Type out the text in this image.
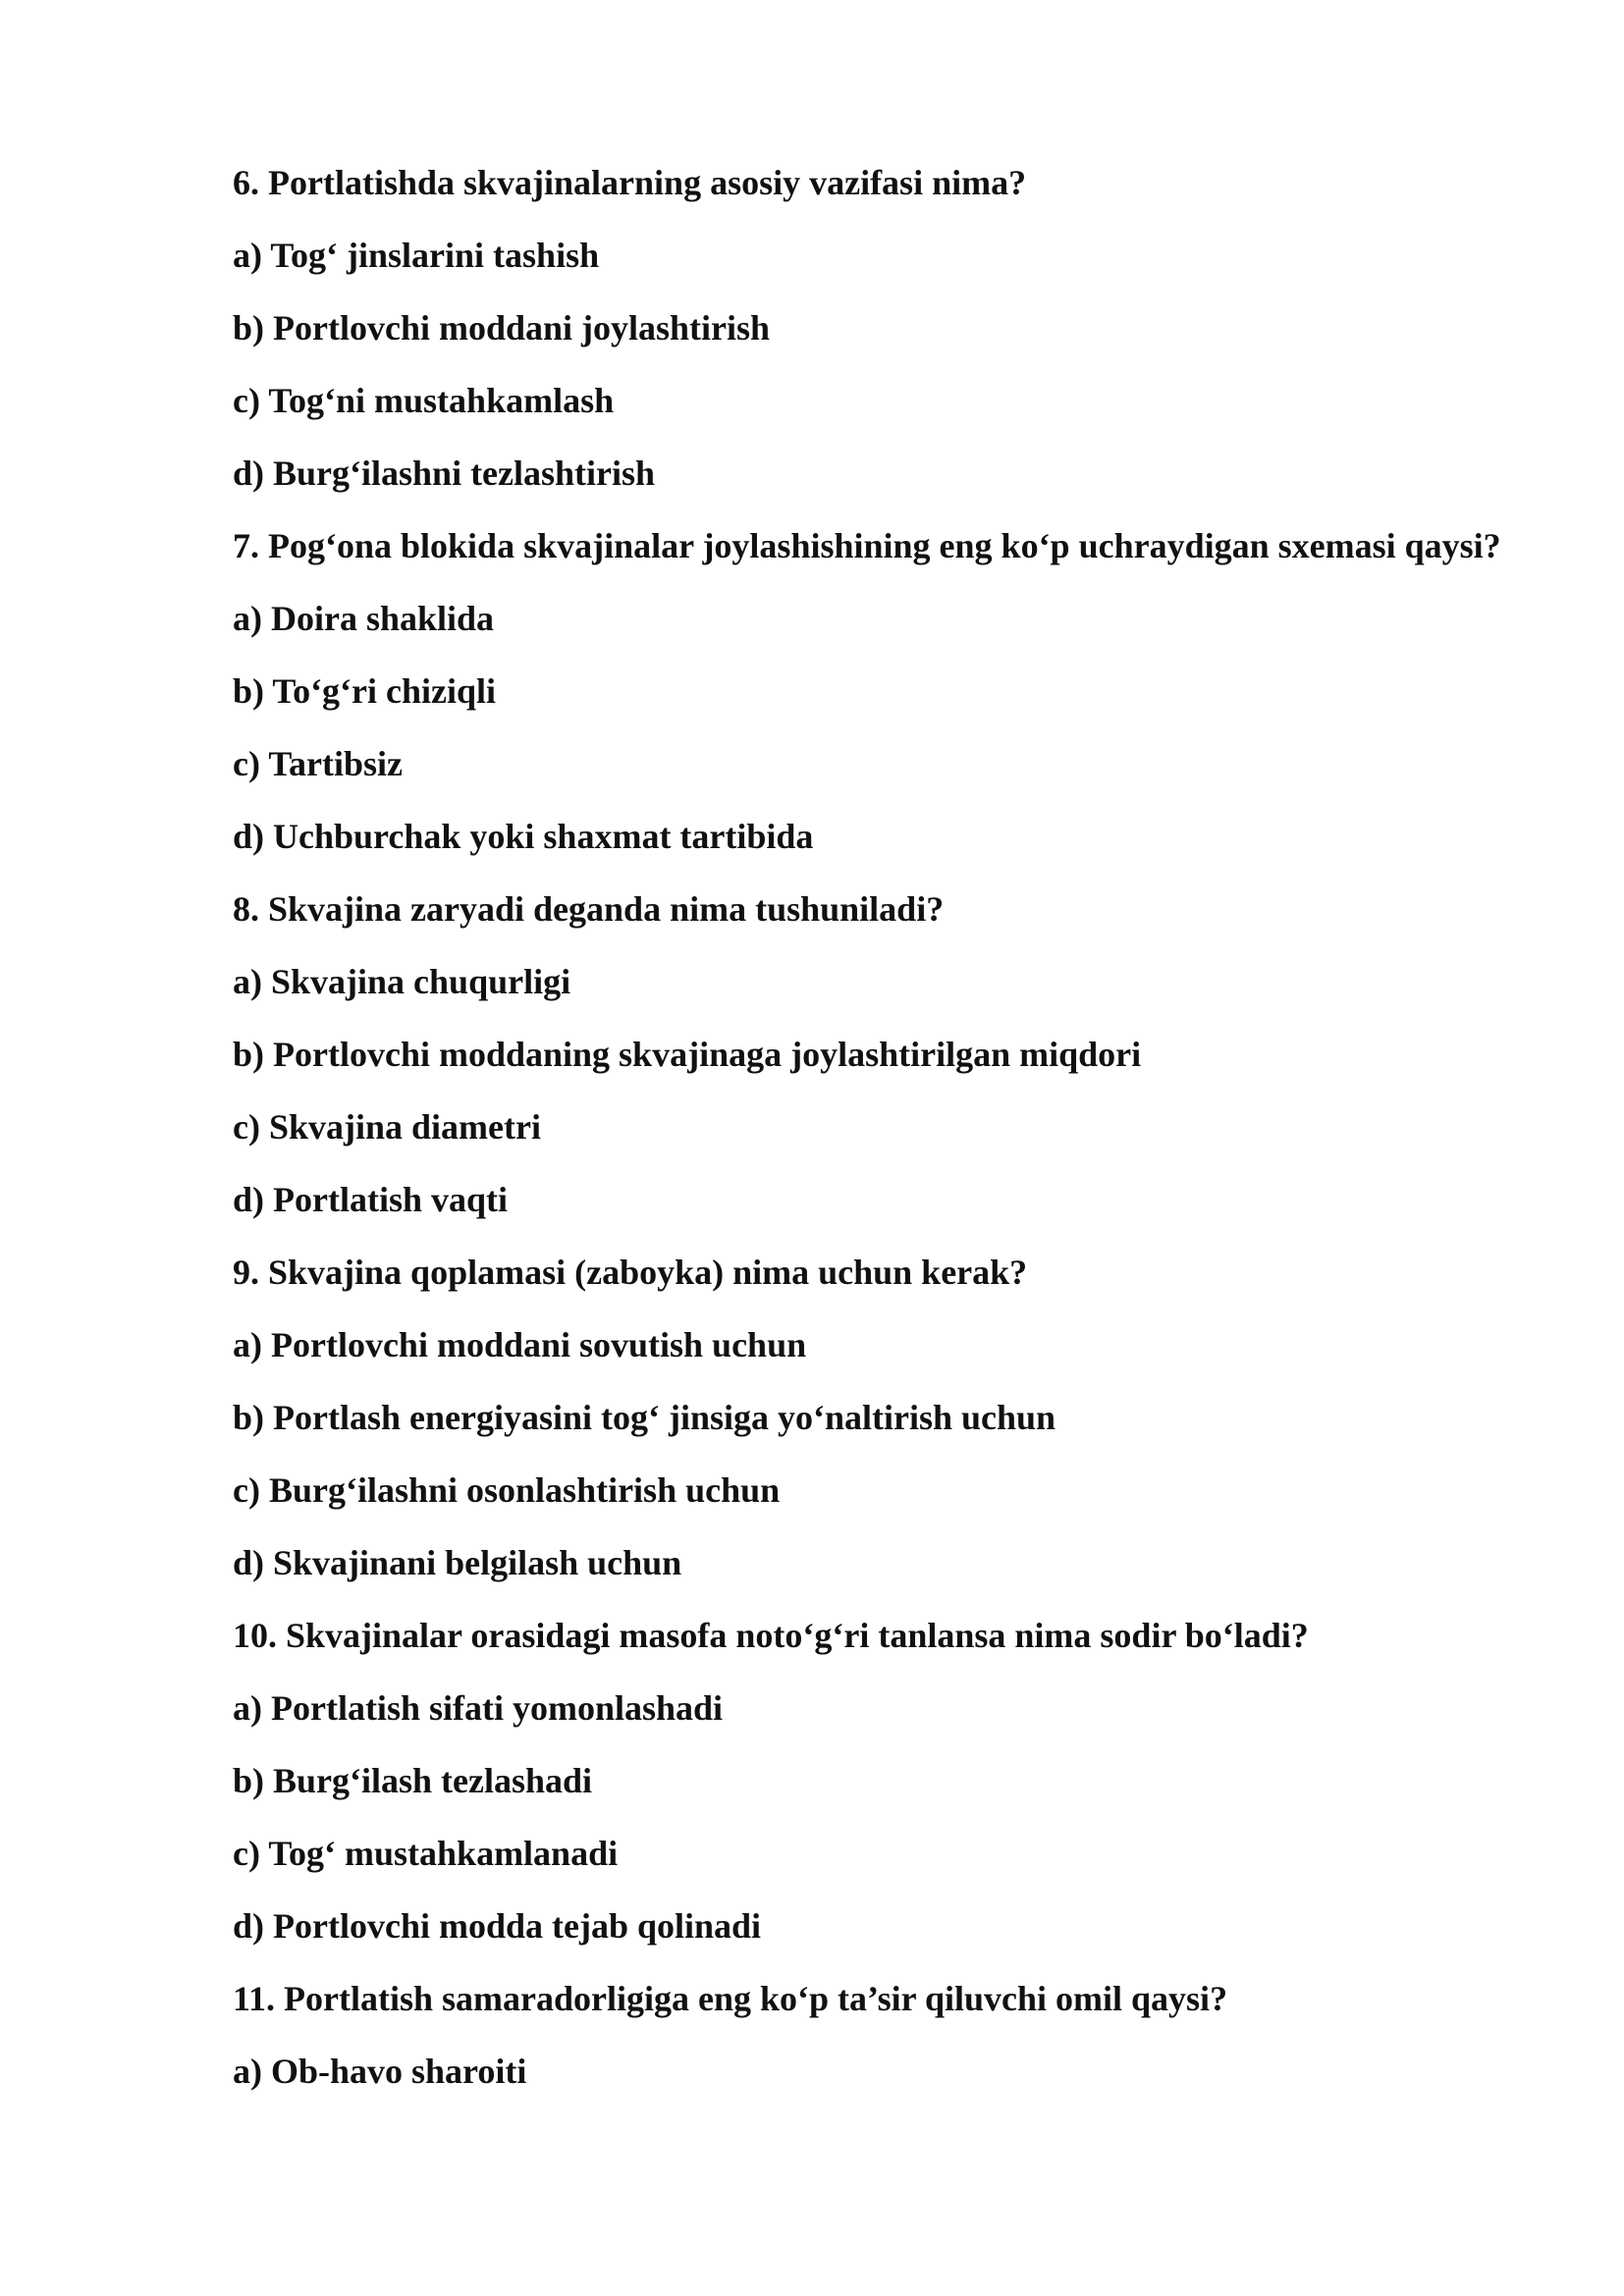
6. Portlatishda skvajinalarning asosiy vazifasi nima?
a) Tog‘ jinslarini tashish
b) Portlovchi moddani joylashtirish
c) Tog‘ni mustahkamlash
d) Burg‘ilashni tezlashtirish
7. Pog‘ona blokida skvajinalar joylashishining eng ko‘p uchraydigan sxemasi qaysi?
a) Doira shaklida
b) To‘g‘ri chiziqli
c) Tartibsiz
d) Uchburchak yoki shaxmat tartibida
8. Skvajina zaryadi deganda nima tushuniladi?
a) Skvajina chuqurligi
b) Portlovchi moddaning skvajinaga joylashtirilgan miqdori
c) Skvajina diametri
d) Portlatish vaqti
9. Skvajina qoplamasi (zaboyka) nima uchun kerak?
a) Portlovchi moddani sovutish uchun
b) Portlash energiyasini tog‘ jinsiga yo‘naltirish uchun
c) Burg‘ilashni osonlashtirish uchun
d) Skvajinani belgilash uchun
10. Skvajinalar orasidagi masofa noto‘g‘ri tanlansa nima sodir bo‘ladi?
a) Portlatish sifati yomonlashadi
b) Burg‘ilash tezlashadi
c) Tog‘ mustahkamlanadi
d) Portlovchi modda tejab qolinadi
11. Portlatish samaradorligiga eng ko‘p ta’sir qiluvchi omil qaysi?
a) Ob-havo sharoiti
